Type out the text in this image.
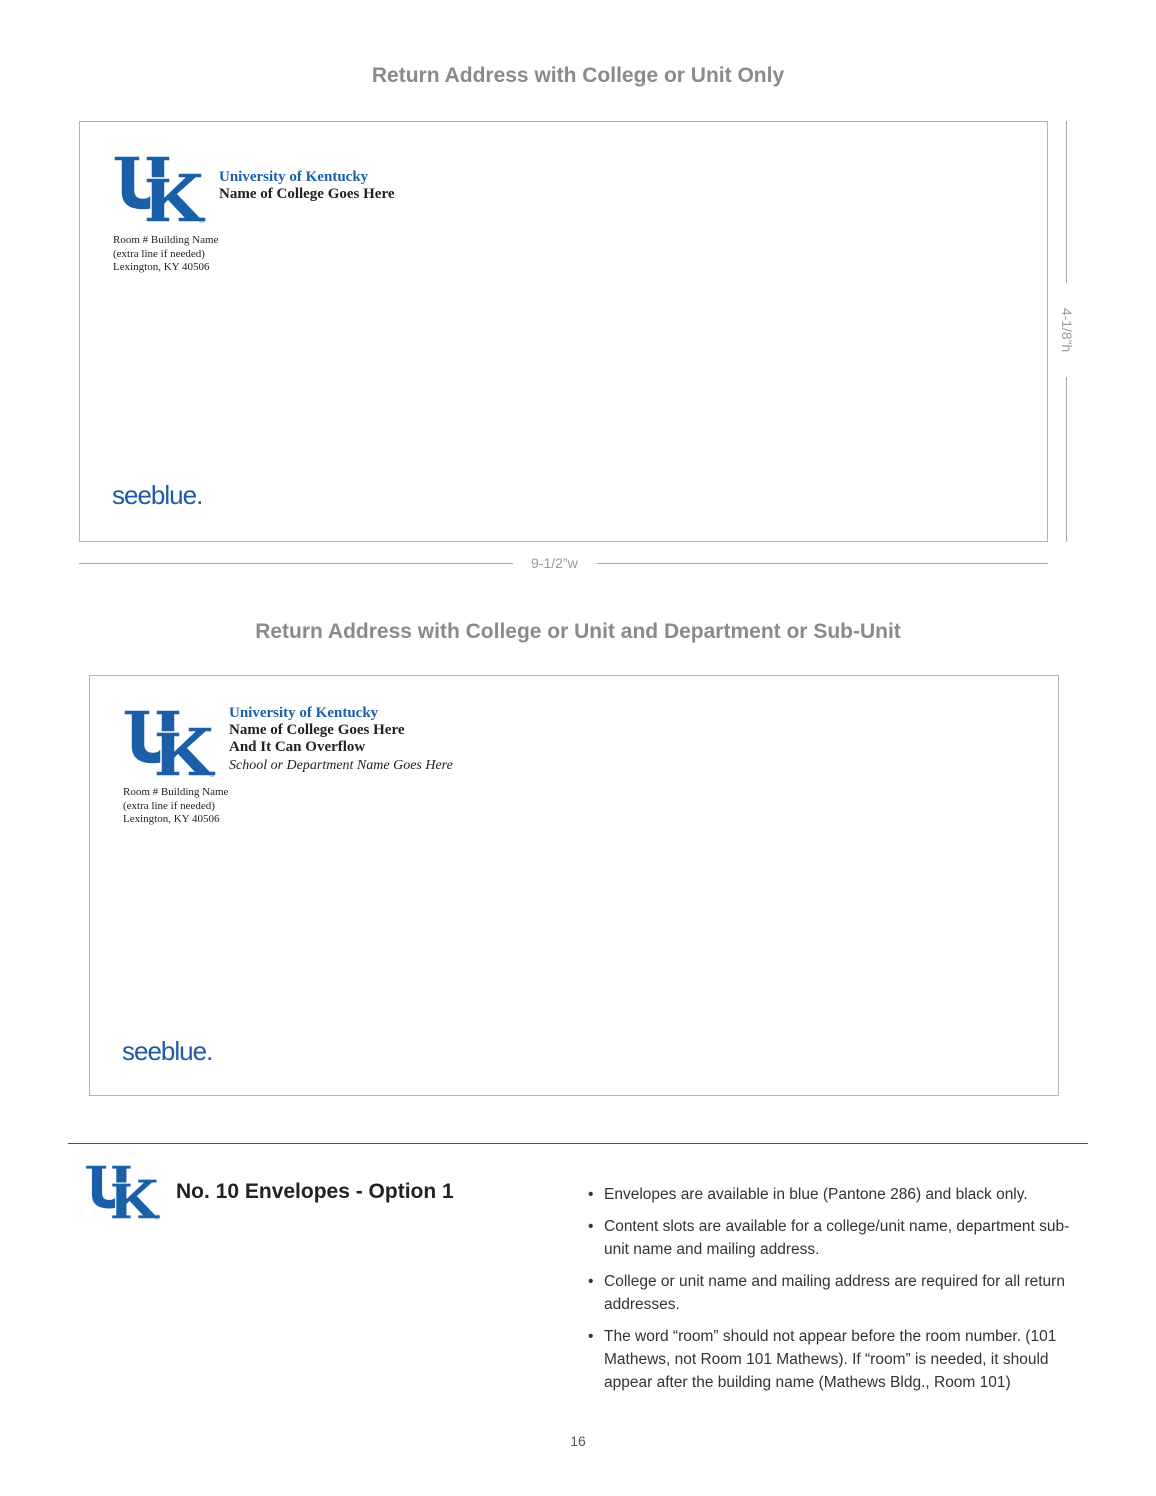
Return Address with College or Unit Only
®
University of Kentucky
Name of College Goes Here
Room # Building Name
(extra line if needed)
Lexington, KY 40506
seeblue.
4-1/8”h
9-1/2”w
Return Address with College or Unit and Department or Sub-Unit
®
University of Kentucky
Name of College Goes Here
And It Can Overflow
School or Department Name Goes Here
Room # Building Name
(extra line if needed)
Lexington, KY 40506
seeblue.
®
No. 10 Envelopes - Option 1
•	Envelopes are available in blue (Pantone 286) and black only.
• Content slots are available for a college/unit name, department sub-unit name and mailing address.
• College or unit name and mailing address are required for all return addresses.
• The word “room” should not appear before the room number. (101 Mathews, not Room 101 Mathews). If “room” is needed, it should appear after the building name (Mathews Bldg., Room 101)
16
